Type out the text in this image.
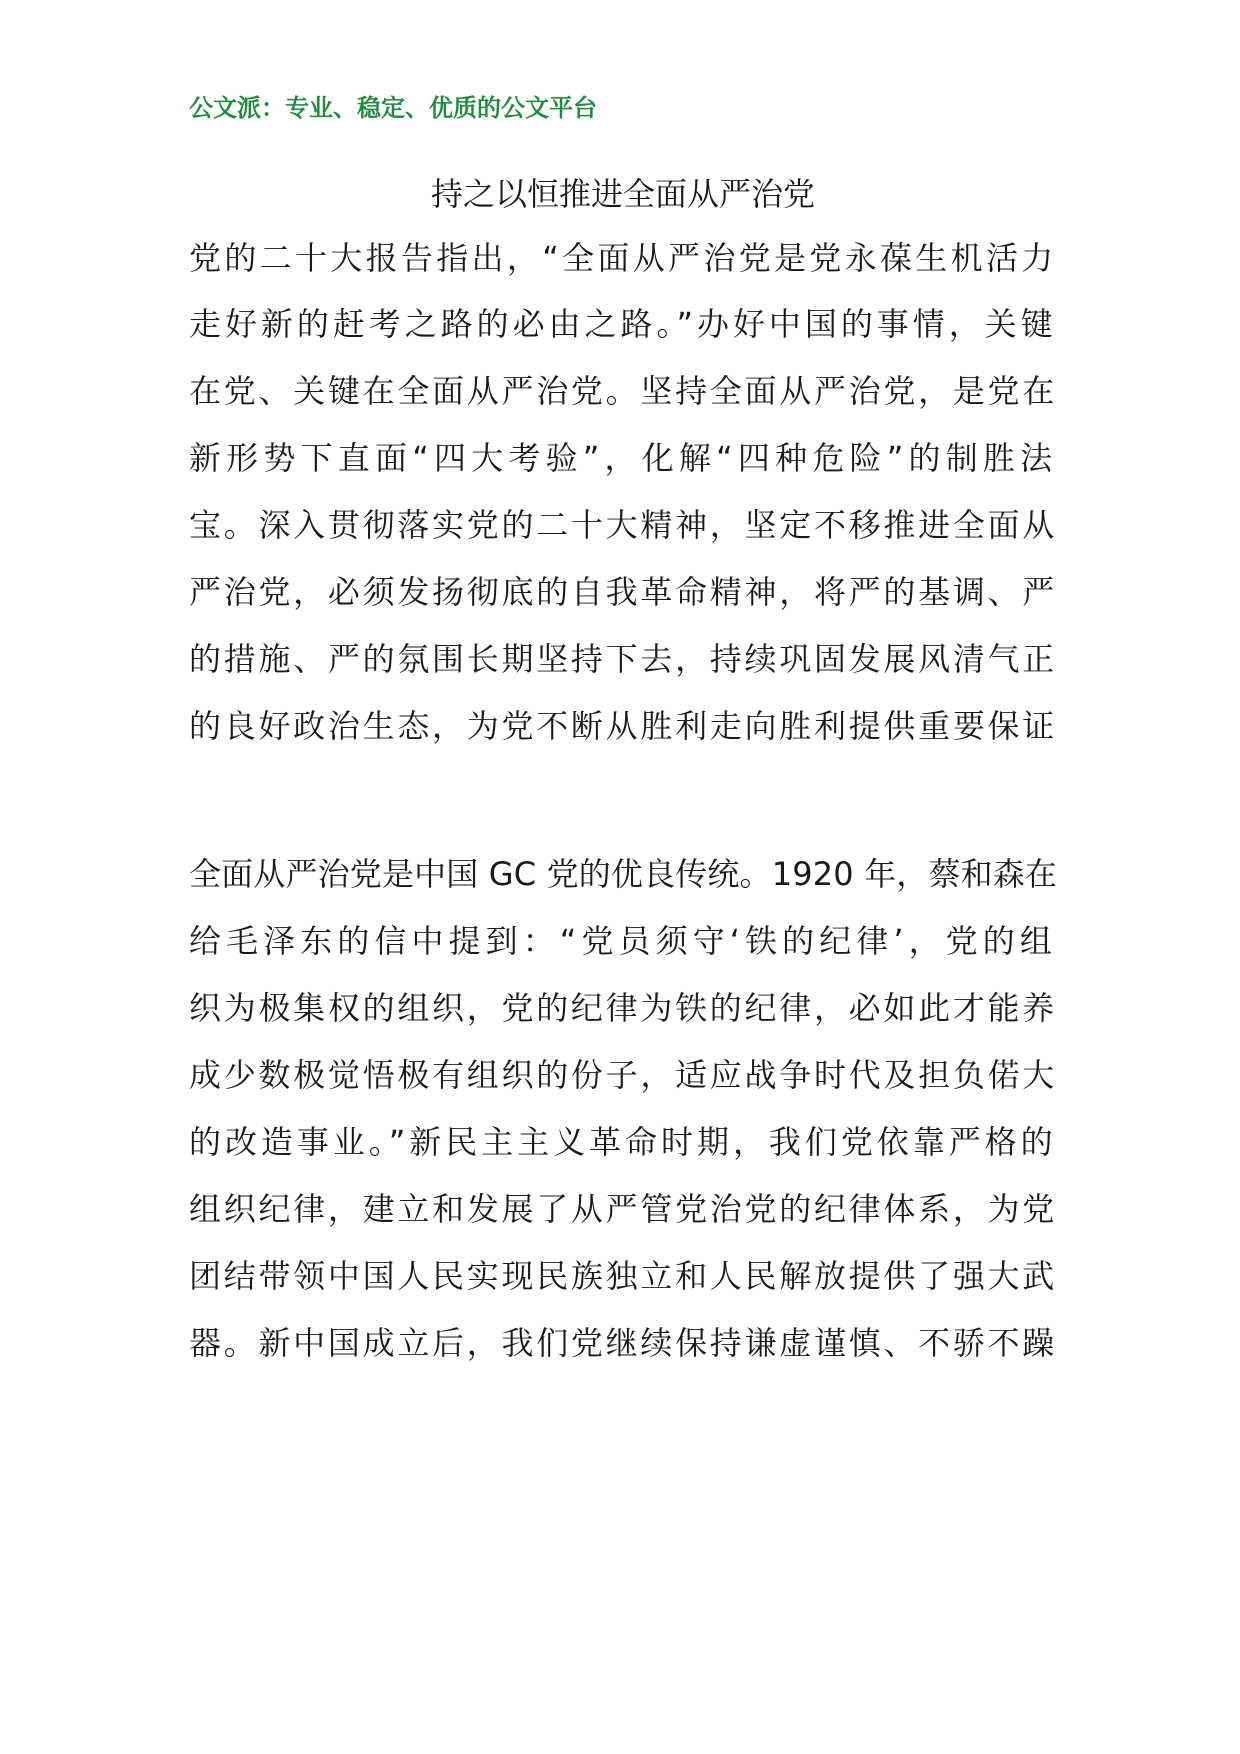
公文派：专业、稳定、优质的公文平台
持之以恒推进全面从严治党
党的二十大报告指出，“全面从严治党是党永葆生机活力
走好新的赶考之路的必由之路。”办好中国的事情，关键
在党、关键在全面从严治党。坚持全面从严治党，是党在
新形势下直面“四大考验”，化解“四种危险”的制胜法
宝。深入贯彻落实党的二十大精神，坚定不移推进全面从
严治党，必须发扬彻底的自我革命精神，将严的基调、严
的措施、严的氛围长期坚持下去，持续巩固发展风清气正
的良好政治生态，为党不断从胜利走向胜利提供重要保证
全面从严治党是中国 GC 党的优良传统。1920 年，蔡和森在
给毛泽东的信中提到：“党员须守‘铁的纪律’，党的组
织为极集权的组织，党的纪律为铁的纪律，必如此才能养
成少数极觉悟极有组织的份子，适应战争时代及担负偌大
的改造事业。”新民主主义革命时期，我们党依靠严格的
组织纪律，建立和发展了从严管党治党的纪律体系，为党
团结带领中国人民实现民族独立和人民解放提供了强大武
器。新中国成立后，我们党继续保持谦虚谨慎、不骄不躁
